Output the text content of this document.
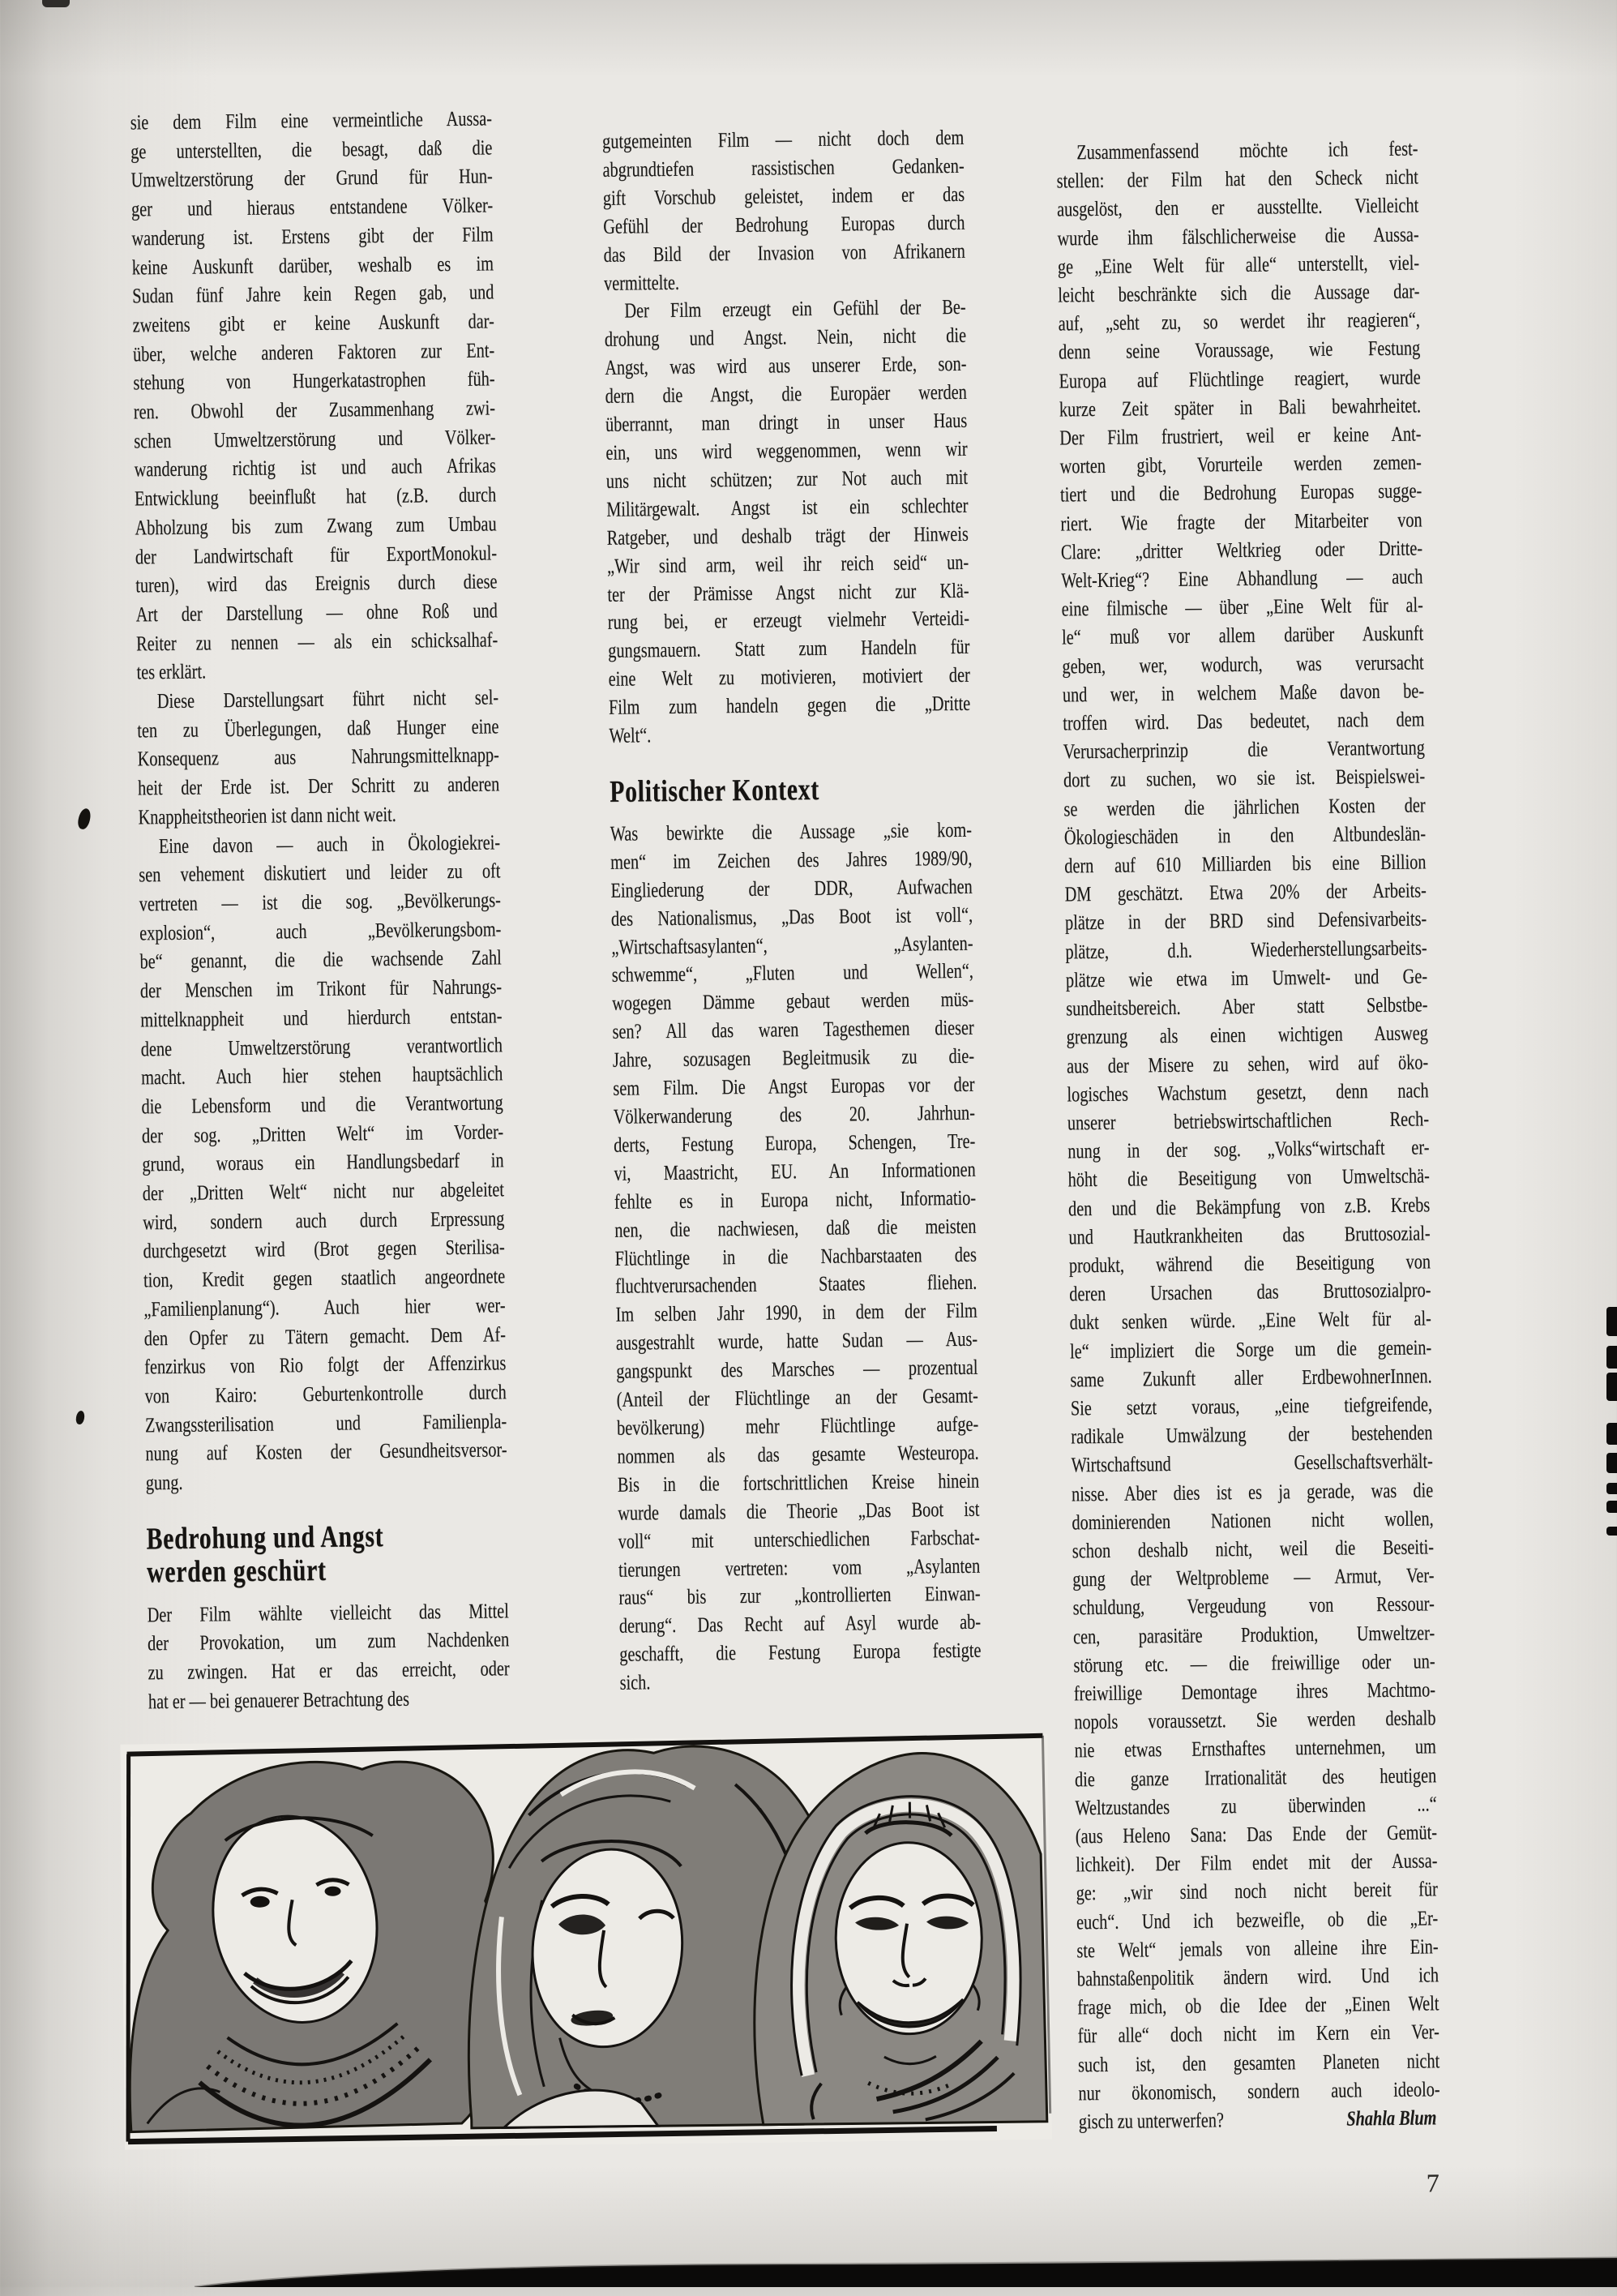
sie dem Film eine vermeintliche Aussa-
ge unterstellten, die besagt, daß die
Umweltzerstörung der Grund für Hun-
ger und hieraus entstandene Völker-
wanderung ist. Erstens gibt der Film
keine Auskunft darüber, weshalb es im
Sudan fünf Jahre kein Regen gab, und
zweitens gibt er keine Auskunft dar-
über, welche anderen Faktoren zur Ent-
stehung von Hungerkatastrophen füh-
ren. Obwohl der Zusammenhang zwi-
schen Umweltzerstörung und Völker-
wanderung richtig ist und auch Afrikas
Entwicklung beeinflußt hat (z.B. durch
Abholzung bis zum Zwang zum Umbau
der Landwirtschaft für ExportMonokul-
turen), wird das Ereignis durch diese
Art der Darstellung — ohne Roß und
Reiter zu nennen — als ein schicksalhaf-
tes erklärt.
Diese Darstellungsart führt nicht sel-
ten zu Überlegungen, daß Hunger eine
Konsequenz aus Nahrungsmittelknapp-
heit der Erde ist. Der Schritt zu anderen
Knappheitstheorien ist dann nicht weit.
Eine davon — auch in Ökologiekrei-
sen vehement diskutiert und leider zu oft
vertreten — ist die sog. „Bevölkerungs-
explosion“, auch „Bevölkerungsbom-
be“ genannt, die die wachsende Zahl
der Menschen im Trikont für Nahrungs-
mittelknappheit und hierdurch entstan-
dene Umweltzerstörung verantwortlich
macht. Auch hier stehen hauptsächlich
die Lebensform und die Verantwortung
der sog. „Dritten Welt“ im Vorder-
grund, woraus ein Handlungsbedarf in
der „Dritten Welt“ nicht nur abgeleitet
wird, sondern auch durch Erpressung
durchgesetzt wird (Brot gegen Sterilisa-
tion, Kredit gegen staatlich angeordnete
„Familienplanung“). Auch hier wer-
den Opfer zu Tätern gemacht. Dem Af-
fenzirkus von Rio folgt der Affenzirkus
von Kairo: Geburtenkontrolle durch
Zwangssterilisation und Familienpla-
nung auf Kosten der Gesundheitsversor-
gung.
Bedrohung und Angst
werden geschürt
Der Film wählte vielleicht das Mittel
der Provokation, um zum Nachdenken
zu zwingen. Hat er das erreicht, oder
hat er — bei genauerer Betrachtung des
gutgemeinten Film — nicht doch dem
abgrundtiefen rassistischen Gedanken-
gift Vorschub geleistet, indem er das
Gefühl der Bedrohung Europas durch
das Bild der Invasion von Afrikanern
vermittelte.
Der Film erzeugt ein Gefühl der Be-
drohung und Angst. Nein, nicht die
Angst, was wird aus unserer Erde, son-
dern die Angst, die Europäer werden
überrannt, man dringt in unser Haus
ein, uns wird weggenommen, wenn wir
uns nicht schützen; zur Not auch mit
Militärgewalt. Angst ist ein schlechter
Ratgeber, und deshalb trägt der Hinweis
„Wir sind arm, weil ihr reich seid“ un-
ter der Prämisse Angst nicht zur Klä-
rung bei, er erzeugt vielmehr Verteidi-
gungsmauern. Statt zum Handeln für
eine Welt zu motivieren, motiviert der
Film zum handeln gegen die „Dritte
Welt“.
Politischer Kontext
Was bewirkte die Aussage „sie kom-
men“ im Zeichen des Jahres 1989/90,
Eingliederung der DDR, Aufwachen
des Nationalismus, „Das Boot ist voll“,
„Wirtschaftsasylanten“, „Asylanten-
schwemme“, „Fluten und Wellen“,
wogegen Dämme gebaut werden müs-
sen? All das waren Tagesthemen dieser
Jahre, sozusagen Begleitmusik zu die-
sem Film. Die Angst Europas vor der
Völkerwanderung des 20. Jahrhun-
derts, Festung Europa, Schengen, Tre-
vi, Maastricht, EU. An Informationen
fehlte es in Europa nicht, Informatio-
nen, die nachwiesen, daß die meisten
Flüchtlinge in die Nachbarstaaten des
fluchtverursachenden Staates fliehen.
Im selben Jahr 1990, in dem der Film
ausgestrahlt wurde, hatte Sudan — Aus-
gangspunkt des Marsches — prozentual
(Anteil der Flüchtlinge an der Gesamt-
bevölkerung) mehr Flüchtlinge aufge-
nommen als das gesamte Westeuropa.
Bis in die fortschrittlichen Kreise hinein
wurde damals die Theorie „Das Boot ist
voll“ mit unterschiedlichen Farbschat-
tierungen vertreten: vom „Asylanten
raus“ bis zur „kontrollierten Einwan-
derung“. Das Recht auf Asyl wurde ab-
geschafft, die Festung Europa festigte
sich.
Zusammenfassend möchte ich fest-
stellen: der Film hat den Scheck nicht
ausgelöst, den er ausstellte. Vielleicht
wurde ihm fälschlicherweise die Aussa-
ge „Eine Welt für alle“ unterstellt, viel-
leicht beschränkte sich die Aussage dar-
auf, „seht zu, so werdet ihr reagieren“,
denn seine Voraussage, wie Festung
Europa auf Flüchtlinge reagiert, wurde
kurze Zeit später in Bali bewahrheitet.
Der Film frustriert, weil er keine Ant-
worten gibt, Vorurteile werden zemen-
tiert und die Bedrohung Europas sugge-
riert. Wie fragte der Mitarbeiter von
Clare: „dritter Weltkrieg oder Dritte-
Welt-Krieg“? Eine Abhandlung — auch
eine filmische — über „Eine Welt für al-
le“ muß vor allem darüber Auskunft
geben, wer, wodurch, was verursacht
und wer, in welchem Maße davon be-
troffen wird. Das bedeutet, nach dem
Verursacherprinzip die Verantwortung
dort zu suchen, wo sie ist. Beispielswei-
se werden die jährlichen Kosten der
Ökologieschäden in den Altbundeslän-
dern auf 610 Milliarden bis eine Billion
DM geschätzt. Etwa 20% der Arbeits-
plätze in der BRD sind Defensivarbeits-
plätze, d.h. Wiederherstellungsarbeits-
plätze wie etwa im Umwelt- und Ge-
sundheitsbereich. Aber statt Selbstbe-
grenzung als einen wichtigen Ausweg
aus der Misere zu sehen, wird auf öko-
logisches Wachstum gesetzt, denn nach
unserer betriebswirtschaftlichen Rech-
nung in der sog. „Volks“wirtschaft er-
höht die Beseitigung von Umweltschä-
den und die Bekämpfung von z.B. Krebs
und Hautkrankheiten das Bruttosozial-
produkt, während die Beseitigung von
deren Ursachen das Bruttosozialpro-
dukt senken würde. „Eine Welt für al-
le“ impliziert die Sorge um die gemein-
same Zukunft aller ErdbewohnerInnen.
Sie setzt voraus, „eine tiefgreifende,
radikale Umwälzung der bestehenden
Wirtschaftsund Gesellschaftsverhält-
nisse. Aber dies ist es ja gerade, was die
dominierenden Nationen nicht wollen,
schon deshalb nicht, weil die Beseiti-
gung der Weltprobleme — Armut, Ver-
schuldung, Vergeudung von Ressour-
cen, parasitäre Produktion, Umweltzer-
störung etc. — die freiwillige oder un-
freiwillige Demontage ihres Machtmo-
nopols voraussetzt. Sie werden deshalb
nie etwas Ernsthaftes unternehmen, um
die ganze Irrationalität des heutigen
Weltzustandes zu überwinden ...“
(aus Heleno Sana: Das Ende der Gemüt-
lichkeit). Der Film endet mit der Aussa-
ge: „wir sind noch nicht bereit für
euch“. Und ich bezweifle, ob die „Er-
ste Welt“ jemals von alleine ihre Ein-
bahnstaßenpolitik ändern wird. Und ich
frage mich, ob die Idee der „Einen Welt
für alle“ doch nicht im Kern ein Ver-
such ist, den gesamten Planeten nicht
nur ökonomisch, sondern auch ideolo-
gisch zu unterwerfen?	Shahla Blum
7
